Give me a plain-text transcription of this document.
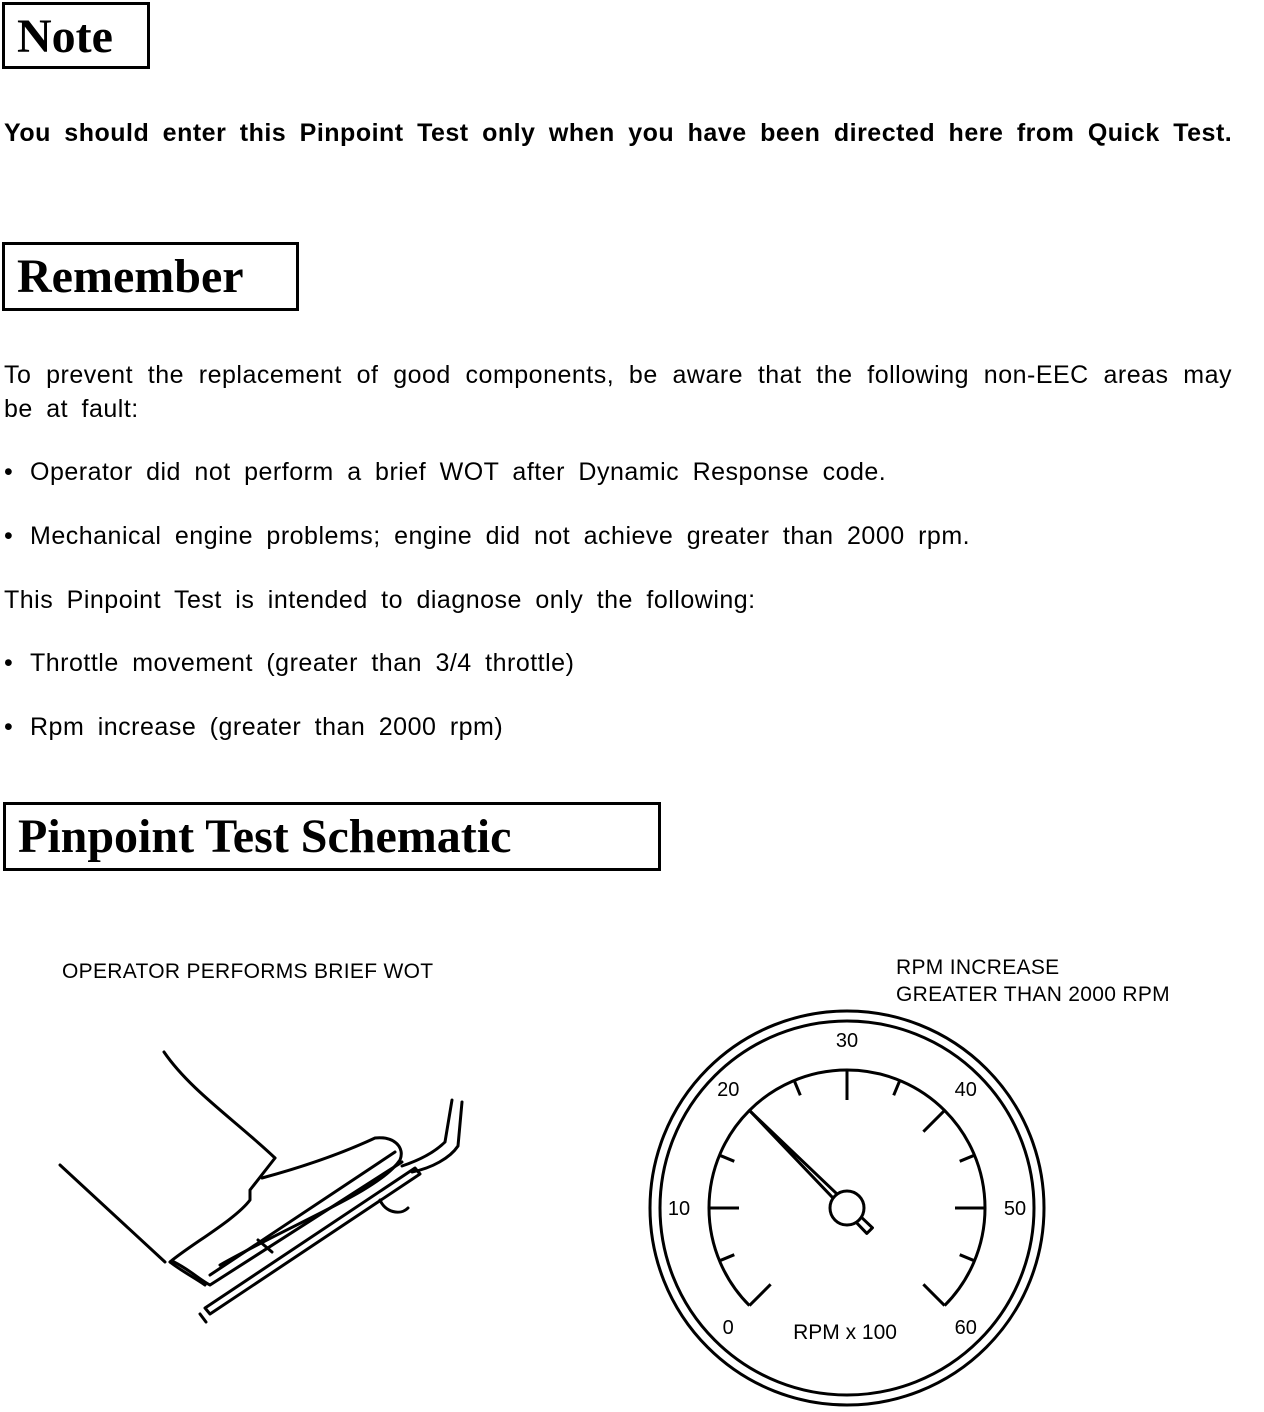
Note
You should enter this Pinpoint Test only when you have been directed here from Quick Test.
Remember
To prevent the replacement of good components, be aware that the following non-EEC areas may be at fault:
• Operator did not perform a brief WOT after Dynamic Response code.
• Mechanical engine problems; engine did not achieve greater than 2000 rpm.
This Pinpoint Test is intended to diagnose only the following:
• Throttle movement (greater than 3/4 throttle)
• Rpm increase (greater than 2000 rpm)
Pinpoint Test Schematic
OPERATOR PERFORMS BRIEF WOT	RPM INCREASE
GREATER THAN 2000 RPM
0
10
20
30
40
50
60
RPM x 100
